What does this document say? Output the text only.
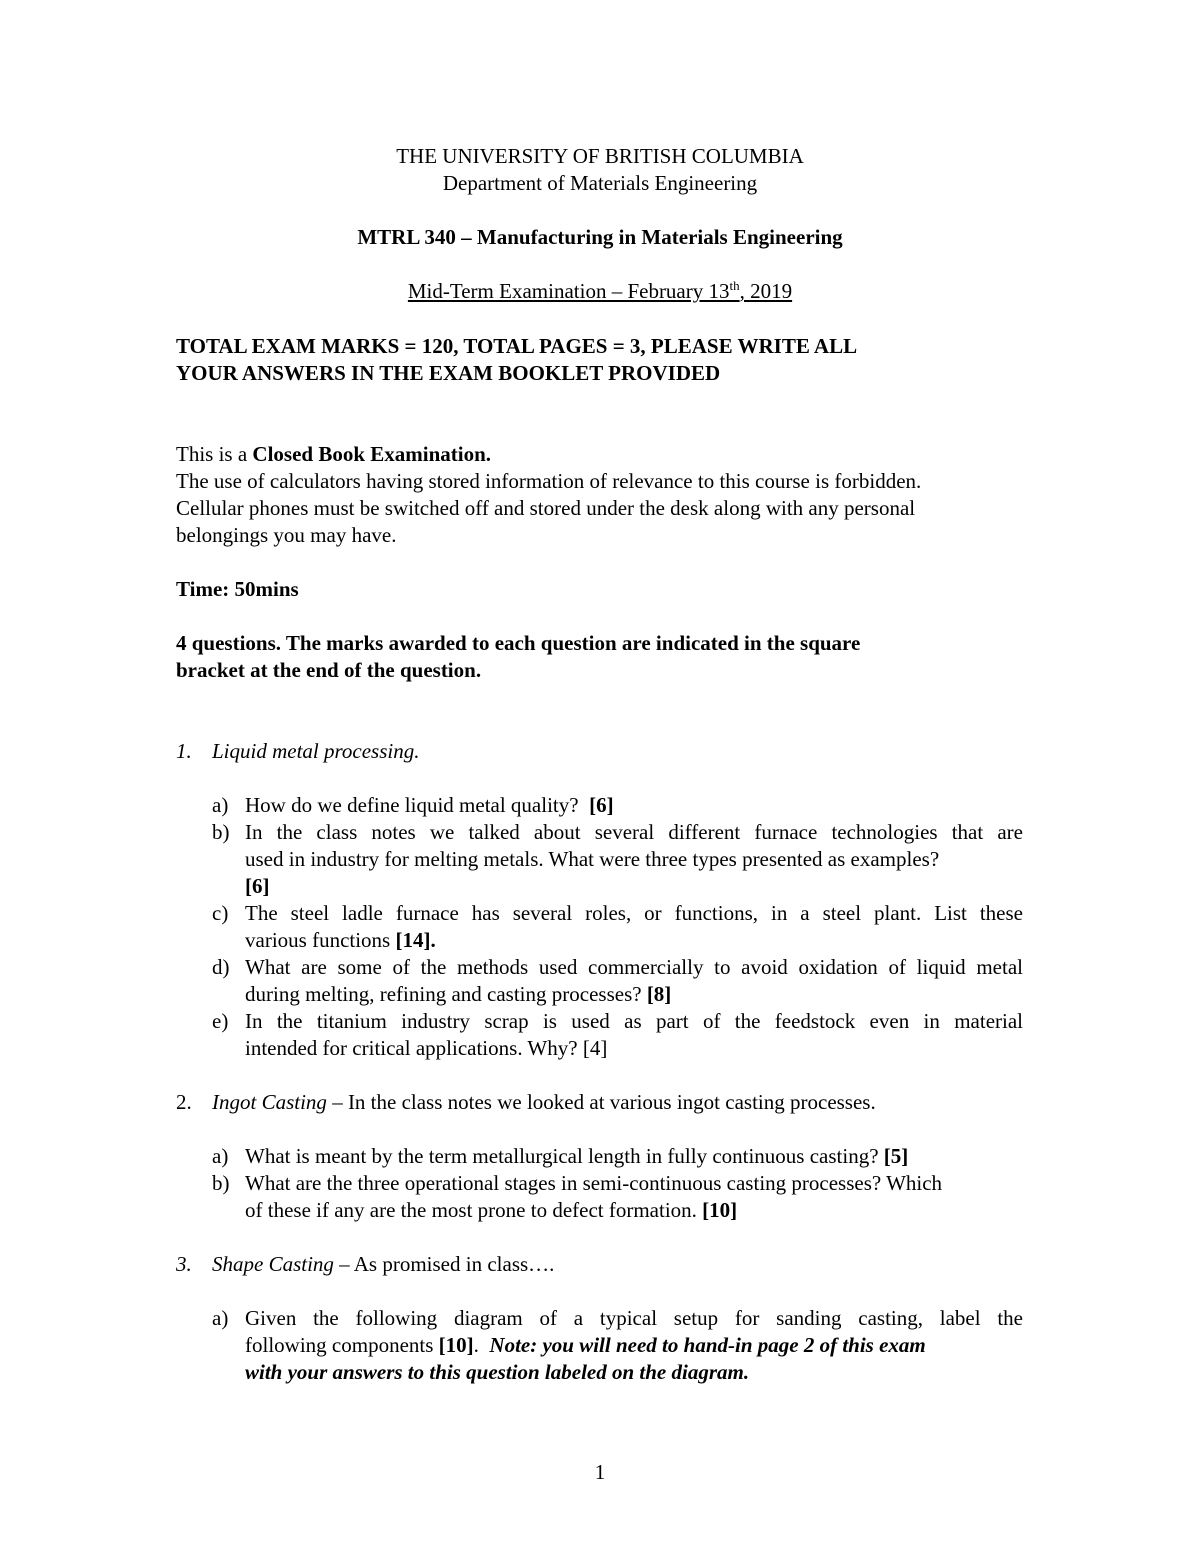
THE UNIVERSITY OF BRITISH COLUMBIA
Department of Materials Engineering
MTRL 340 – Manufacturing in Materials Engineering
Mid-Term Examination – February 13th, 2019
TOTAL EXAM MARKS = 120, TOTAL PAGES = 3, PLEASE WRITE ALL
YOUR ANSWERS IN THE EXAM BOOKLET PROVIDED
This is a Closed Book Examination.
The use of calculators having stored information of relevance to this course is forbidden.
Cellular phones must be switched off and stored under the desk along with any personal
belongings you may have.
Time: 50mins
4 questions. The marks awarded to each question are indicated in the square
bracket at the end of the question.
1. Liquid metal processing.
a) How do we define liquid metal quality? [6]
b) In the class notes we talked about several different furnace technologies that are
used in industry for melting metals. What were three types presented as examples?
[6]
c) The steel ladle furnace has several roles, or functions, in a steel plant. List these
various functions [14].
d) What are some of the methods used commercially to avoid oxidation of liquid metal
during melting, refining and casting processes? [8]
e) In the titanium industry scrap is used as part of the feedstock even in material
intended for critical applications. Why? [4]
2. Ingot Casting – In the class notes we looked at various ingot casting processes.
a) What is meant by the term metallurgical length in fully continuous casting? [5]
b) What are the three operational stages in semi-continuous casting processes? Which
of these if any are the most prone to defect formation. [10]
3. Shape Casting – As promised in class….
a) Given the following diagram of a typical setup for sanding casting, label the
following components [10].  Note: you will need to hand-in page 2 of this exam
with your answers to this question labeled on the diagram.
1
